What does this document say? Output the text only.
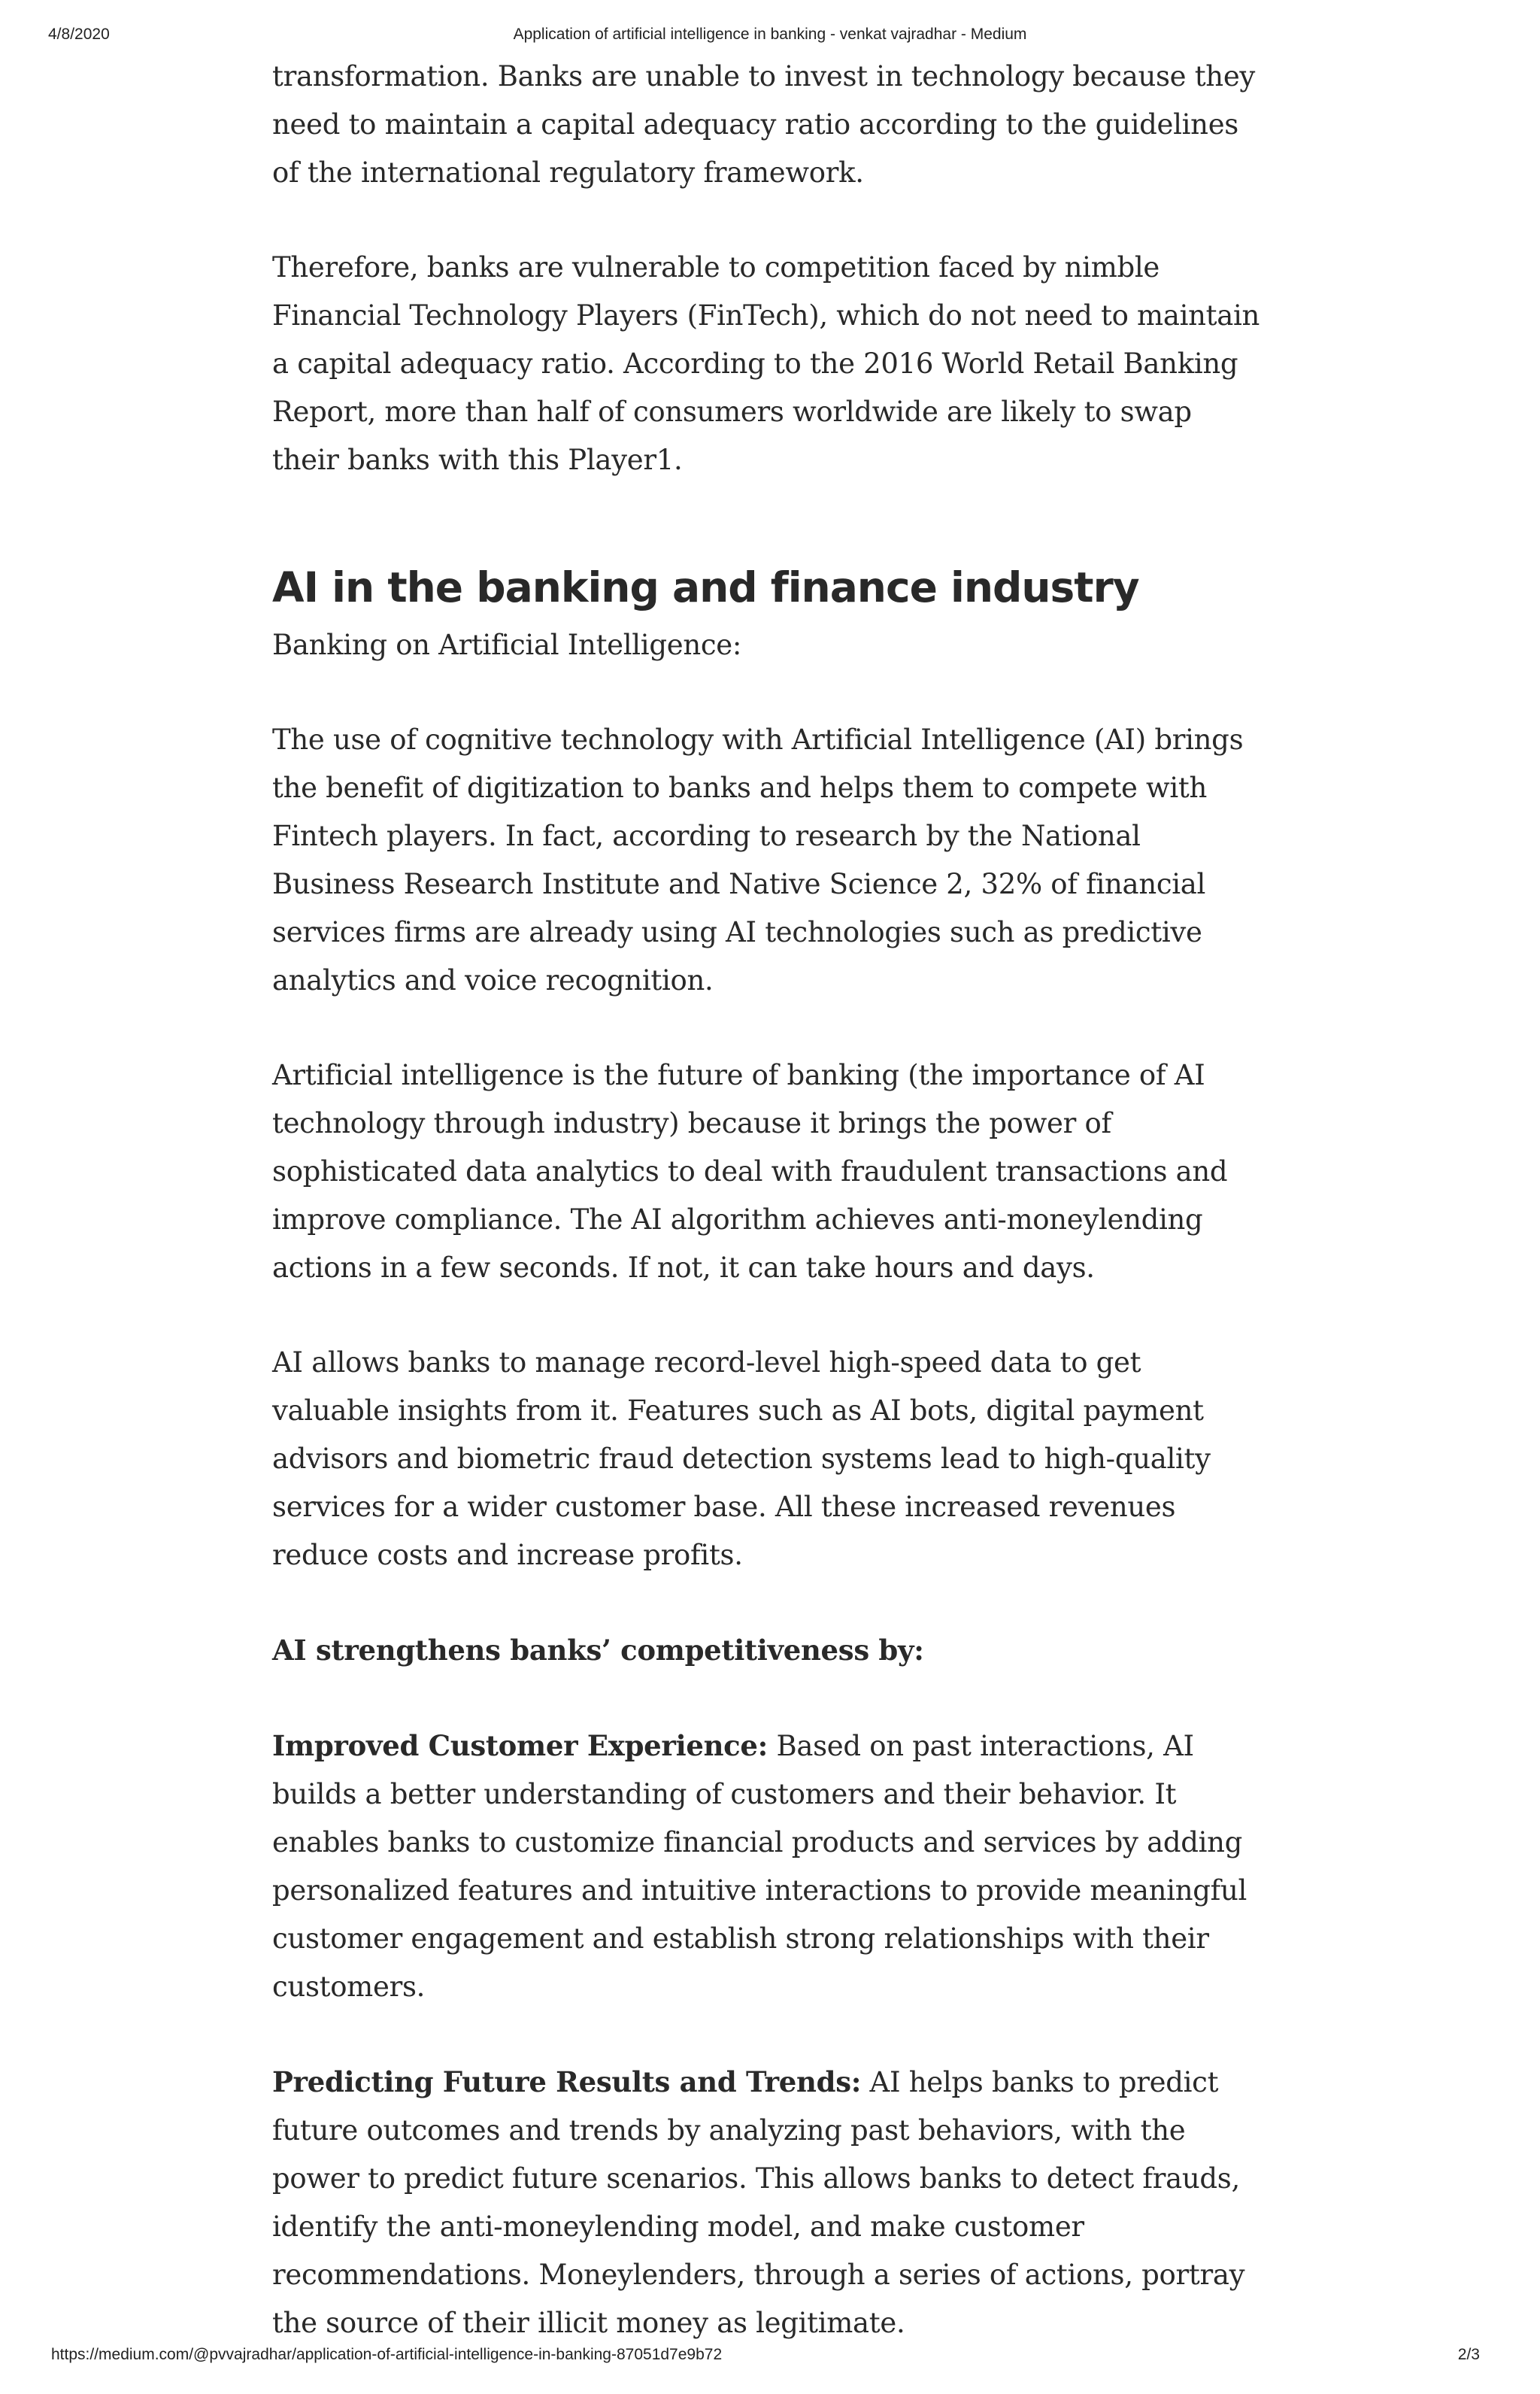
4/8/2020	Application of artificial intelligence in banking - venkat vajradhar - Medium

transformation. Banks are unable to invest in technology because they need to maintain a capital adequacy ratio according to the guidelines of the international regulatory framework.

Therefore, banks are vulnerable to competition faced by nimble Financial Technology Players (FinTech), which do not need to maintain a capital adequacy ratio. According to the 2016 World Retail Banking Report, more than half of consumers worldwide are likely to swap their banks with this Player1.

AI in the banking and finance industry

Banking on Artificial Intelligence:

The use of cognitive technology with Artificial Intelligence (AI) brings the benefit of digitization to banks and helps them to compete with Fintech players. In fact, according to research by the National Business Research Institute and Native Science 2, 32% of financial services firms are already using AI technologies such as predictive analytics and voice recognition.

Artificial intelligence is the future of banking (the importance of AI technology through industry) because it brings the power of sophisticated data analytics to deal with fraudulent transactions and improve compliance. The AI algorithm achieves anti-moneylending actions in a few seconds. If not, it can take hours and days.

AI allows banks to manage record-level high-speed data to get valuable insights from it. Features such as AI bots, digital payment advisors and biometric fraud detection systems lead to high-quality services for a wider customer base. All these increased revenues reduce costs and increase profits.

AI strengthens banks’ competitiveness by:

Improved Customer Experience: Based on past interactions, AI builds a better understanding of customers and their behavior. It enables banks to customize financial products and services by adding personalized features and intuitive interactions to provide meaningful customer engagement and establish strong relationships with their customers.

Predicting Future Results and Trends: AI helps banks to predict future outcomes and trends by analyzing past behaviors, with the power to predict future scenarios. This allows banks to detect frauds, identify the anti-moneylending model, and make customer recommendations. Moneylenders, through a series of actions, portray the source of their illicit money as legitimate.

https://medium.com/@pvvajradhar/application-of-artificial-intelligence-in-banking-87051d7e9b72	2/3
